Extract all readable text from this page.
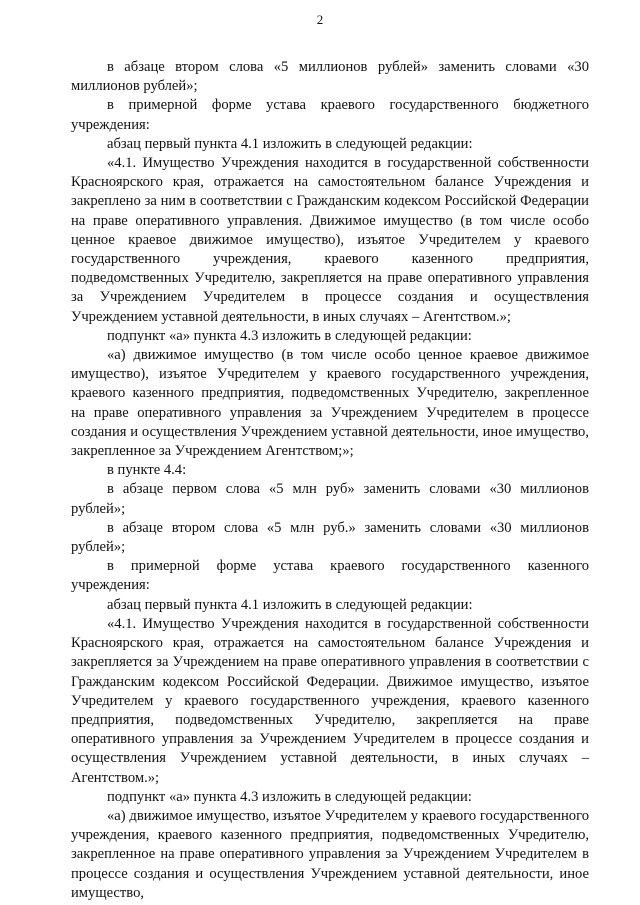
2

в абзаце втором слова «5 миллионов рублей» заменить словами «30 миллионов рублей»;

в примерной форме устава краевого государственного бюджетного учреждения:

абзац первый пункта 4.1 изложить в следующей редакции:

«4.1. Имущество Учреждения находится в государственной собственности Красноярского края, отражается на самостоятельном балансе Учреждения и закреплено за ним в соответствии с Гражданским кодексом Российской Федерации на праве оперативного управления. Движимое имущество (в том числе особо ценное краевое движимое имущество), изъятое Учредителем у краевого государственного учреждения, краевого казенного предприятия, подведомственных Учредителю, закрепляется на праве оперативного управления за Учреждением Учредителем в процессе создания и осуществления Учреждением уставной деятельности, в иных случаях – Агентством.»;

подпункт «а» пункта 4.3 изложить в следующей редакции:

«а) движимое имущество (в том числе особо ценное краевое движимое имущество), изъятое Учредителем у краевого государственного учреждения, краевого казенного предприятия, подведомственных Учредителю, закрепленное на праве оперативного управления за Учреждением Учредителем в процессе создания и осуществления Учреждением уставной деятельности, иное имущество, закрепленное за Учреждением Агентством;»;

в пункте 4.4:

в абзаце первом слова «5 млн руб» заменить словами «30 миллионов рублей»;

в абзаце втором слова «5 млн руб.» заменить словами «30 миллионов рублей»;

в примерной форме устава краевого государственного казенного учреждения:

абзац первый пункта 4.1 изложить в следующей редакции:

«4.1. Имущество Учреждения находится в государственной собственности Красноярского края, отражается на самостоятельном балансе Учреждения и закрепляется за Учреждением на праве оперативного управления в соответствии с Гражданским кодексом Российской Федерации. Движимое имущество, изъятое Учредителем у краевого государственного учреждения, краевого казенного предприятия, подведомственных Учредителю, закрепляется на праве оперативного управления за Учреждением Учредителем в процессе создания и осуществления Учреждением уставной деятельности, в иных случаях – Агентством.»;

подпункт «а» пункта 4.3 изложить в следующей редакции:

«а) движимое имущество, изъятое Учредителем у краевого государственного учреждения, краевого казенного предприятия, подведомственных Учредителю, закрепленное на праве оперативного управления за Учреждением Учредителем в процессе создания и осуществления Учреждением уставной деятельности, иное имущество,
